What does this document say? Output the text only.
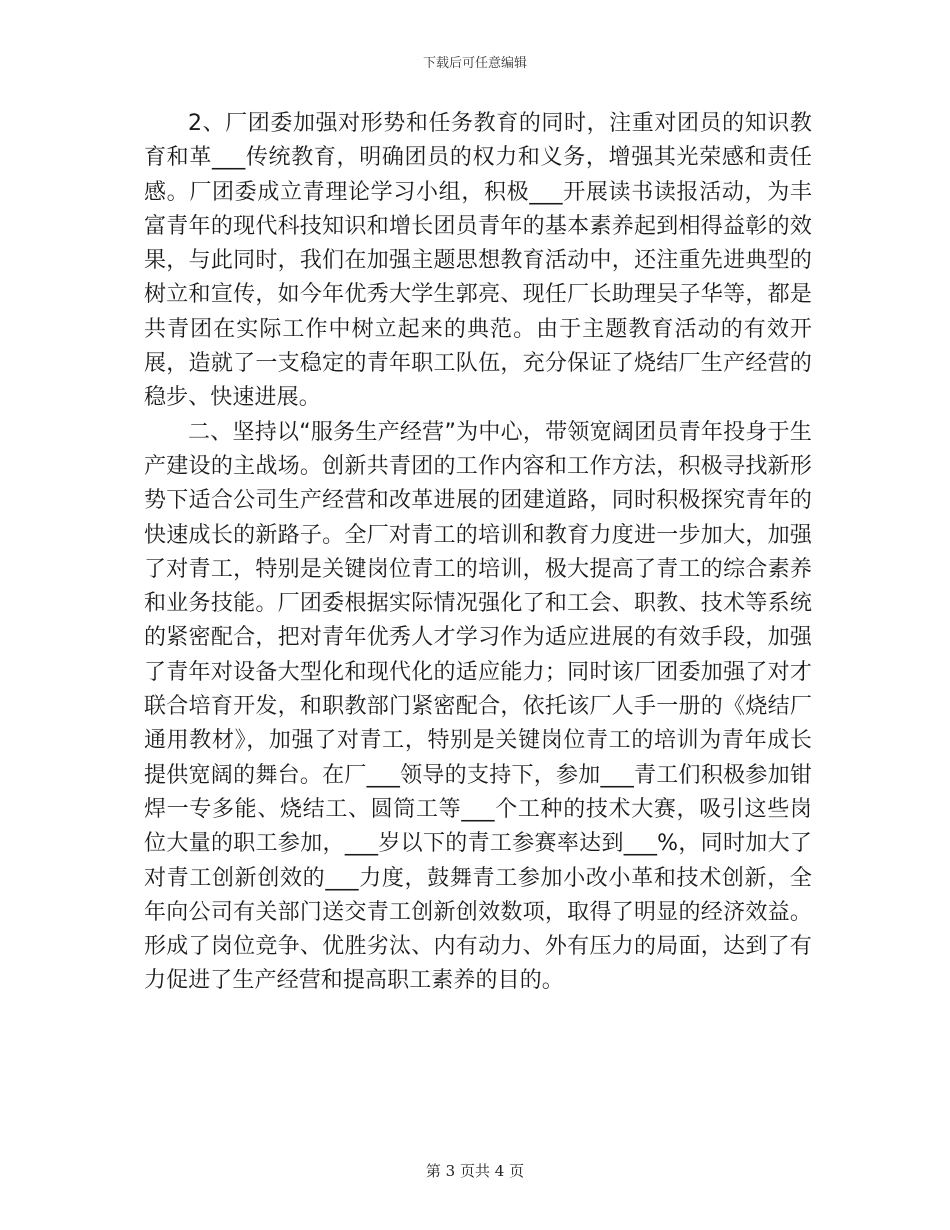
下载后可任意编辑

2、厂团委加强对形势和任务教育的同时，注重对团员的知识教育和革___传统教育，明确团员的权力和义务，增强其光荣感和责任感。厂团委成立青理论学习小组，积极___开展读书读报活动，为丰富青年的现代科技知识和增长团员青年的基本素养起到相得益彰的效果，与此同时，我们在加强主题思想教育活动中，还注重先进典型的树立和宣传，如今年优秀大学生郭亮、现任厂长助理吴子华等，都是共青团在实际工作中树立起来的典范。由于主题教育活动的有效开展，造就了一支稳定的青年职工队伍，充分保证了烧结厂生产经营的稳步、快速进展。

二、坚持以“服务生产经营”为中心，带领宽阔团员青年投身于生产建设的主战场。创新共青团的工作内容和工作方法，积极寻找新形势下适合公司生产经营和改革进展的团建道路，同时积极探究青年的快速成长的新路子。全厂对青工的培训和教育力度进一步加大，加强了对青工，特别是关键岗位青工的培训，极大提高了青工的综合素养和业务技能。厂团委根据实际情况强化了和工会、职教、技术等系统的紧密配合，把对青年优秀人才学习作为适应进展的有效手段，加强了青年对设备大型化和现代化的适应能力；同时该厂团委加强了对才联合培育开发，和职教部门紧密配合，依托该厂人手一册的《烧结厂通用教材》，加强了对青工，特别是关键岗位青工的培训为青年成长提供宽阔的舞台。在厂___领导的支持下，参加___青工们积极参加钳焊一专多能、烧结工、圆筒工等___个工种的技术大赛，吸引这些岗位大量的职工参加，___岁以下的青工参赛率达到___%，同时加大了对青工创新创效的___力度，鼓舞青工参加小改小革和技术创新，全年向公司有关部门送交青工创新创效数项，取得了明显的经济效益。形成了岗位竞争、优胜劣汰、内有动力、外有压力的局面，达到了有力促进了生产经营和提高职工素养的目的。

第 3 页共 4 页
